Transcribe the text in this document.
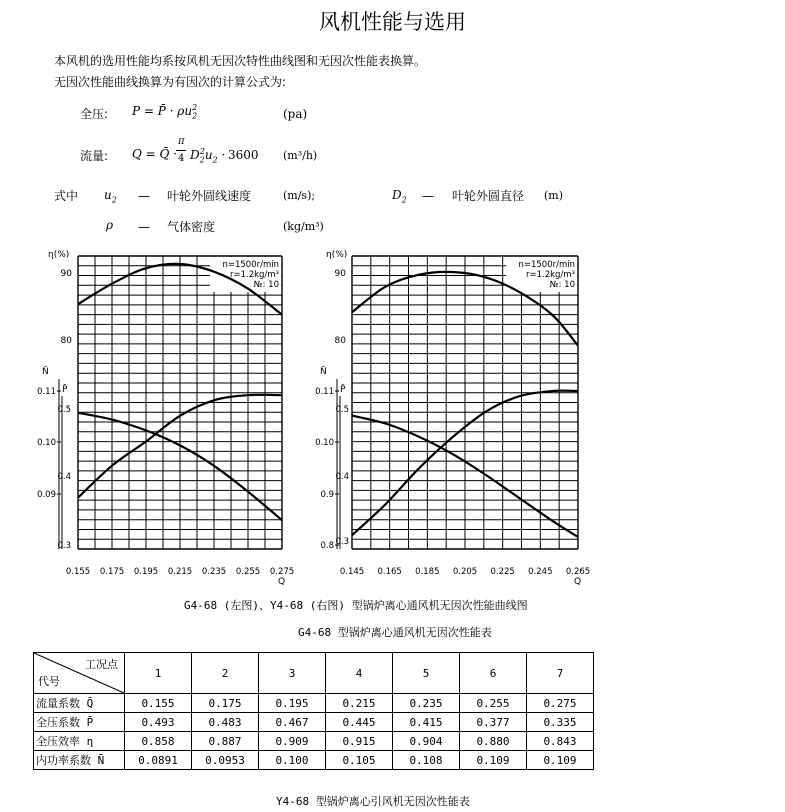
风机性能与选用
本风机的选用性能均系按风机无因次特性曲线图和无因次性能表换算。
无因次性能曲线换算为有因次的计算公式为:
全压: P = P̄ · $\rho u_2^2$	(pa)
流量: Q = Q̄ ·
π
4 $D_2^2u_2 \cdot 3600$ (m³/h)
式中 $u_2$ — 叶轮外圆线速度	(m/s);	$D_2$ — 叶轮外圆直径 (m)
ρ — 气体密度	(kg/m³)
n=1500r/min
r=1.2kg/m³
№: 10
η(%)
N̄
P̄
Q
90
80
0.11
0.10
0.09
0.5
0.4
0.3
0.155 0.175 0.195 0.215 0.235 0.255 0.275
n=1500r/min
r=1.2kg/m³
№: 10
η(%)
N̄
P̄
Q
90
80
0.11
0.10
0.9
0.8
0.5
0.4
0.3
0.145 0.165 0.185 0.205 0.225 0.245 0.265
G4-68 (左图)、Y4-68 (右图) 型锅炉离心通风机无因次性能曲线图
G4-68 型锅炉离心通风机无因次性能表
工况点
代号	1	2	3	4	5	6	7
流量系数 Q̄	0.155	0.175	0.195	0.215	0.235	0.255	0.275
全压系数 P̄	0.493	0.483	0.467	0.445	0.415	0.377	0.335
全压效率 η	0.858	0.887	0.909	0.915	0.904	0.880	0.843
内功率系数 N̄	0.0891	0.0953	0.100	0.105	0.108	0.109	0.109
Y4-68 型锅炉离心引风机无因次性能表
